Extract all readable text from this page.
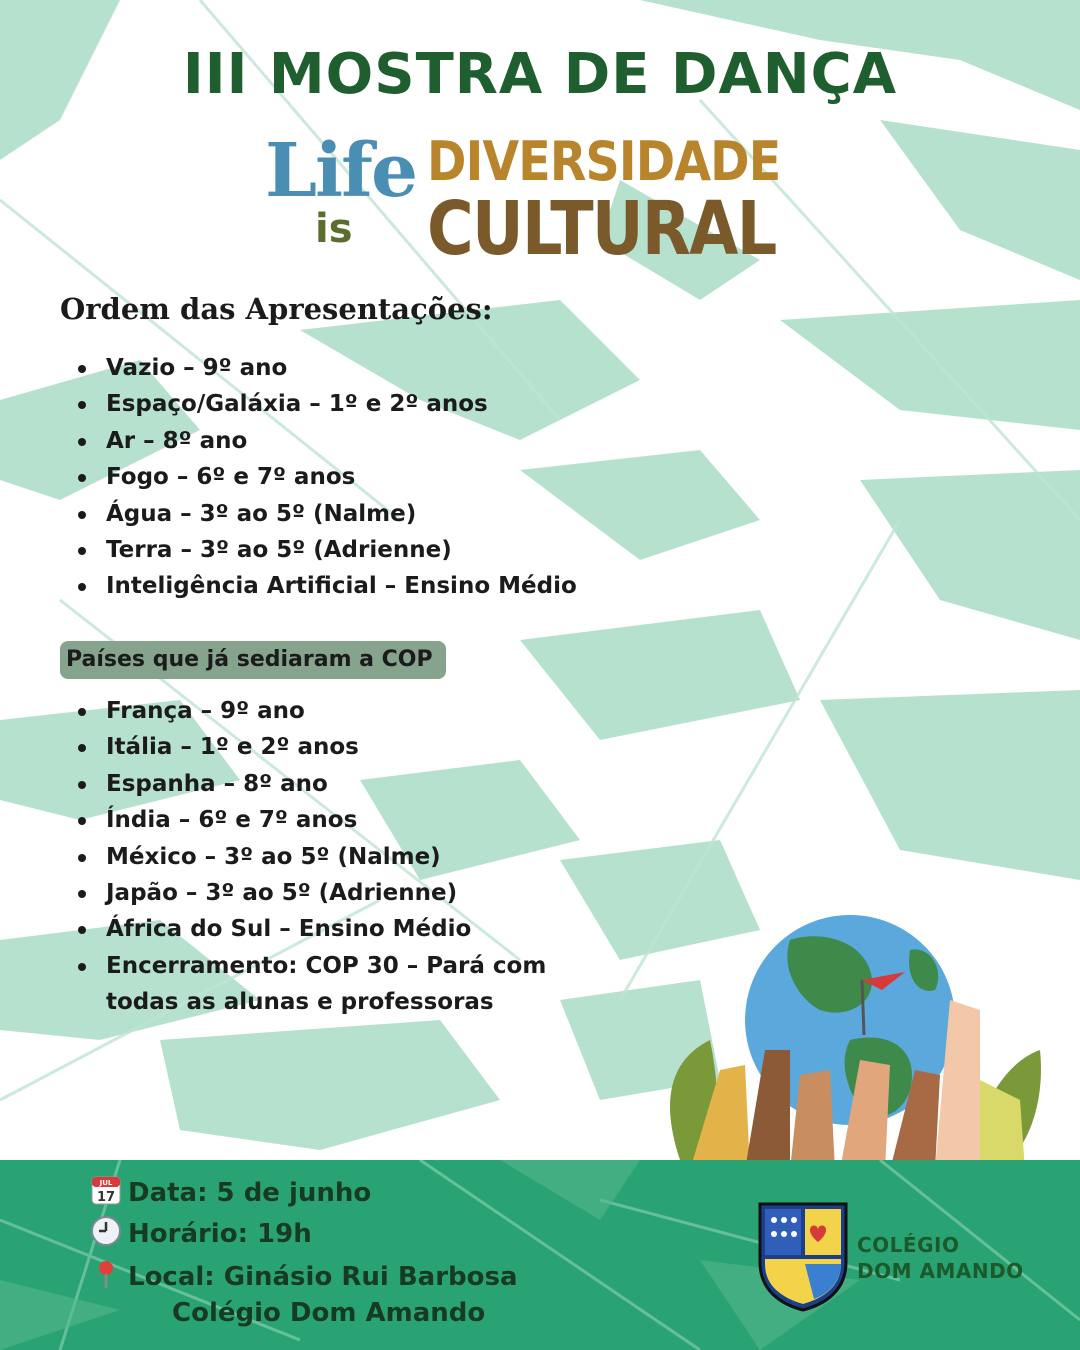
III MOSTRA DE DANÇA
Life
is
DIVERSIDADE
CULTURAL
Ordem das Apresentações:
Vazio – 9º ano
Espaço/Galáxia – 1º e 2º anos
Ar – 8º ano
Fogo – 6º e 7º anos
Água – 3º ao 5º (Nalme)
Terra – 3º ao 5º (Adrienne)
Inteligência Artificial – Ensino Médio
Países que já sediaram a COP
França – 9º ano
Itália – 1º e 2º anos
Espanha – 8º ano
Índia – 6º e 7º anos
México – 3º ao 5º (Nalme)
Japão – 3º ao 5º (Adrienne)
África do Sul – Ensino Médio
Encerramento: COP 30 – Pará com todas as alunas e professoras
JUL
17 Data: 5 de junho
Horário: 19h
Local: Ginásio Rui Barbosa
Colégio Dom Amando
COLÉGIO
DOM AMANDO
